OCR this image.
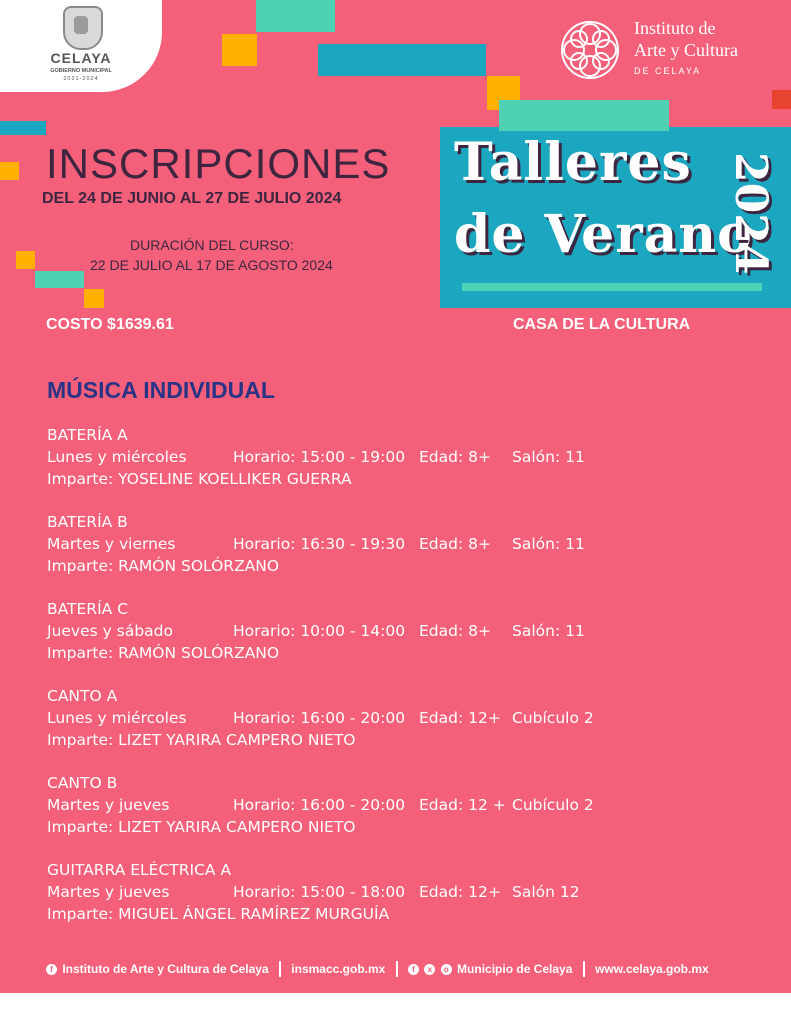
CELAYA
GOBIERNO MUNICIPAL
2021-2024
Instituto de
Arte y Cultura
DE CELAYA
INSCRIPCIONES
DEL 24 DE JUNIO AL 27 DE JULIO 2024
DURACIÓN DEL CURSO:
22 DE JULIO AL 17 DE AGOSTO 2024
Talleres
de Verano
2024
COSTO $1639.61	CASA DE LA CULTURA
MÚSICA INDIVIDUAL
BATERÍA A
Lunes y miércoles	Horario: 15:00 - 19:00 Edad: 8+ Salón: 11
Imparte: YOSELINE KOELLIKER GUERRA
BATERÍA B
Martes y viernes	Horario: 16:30 - 19:30 Edad: 8+ Salón: 11
Imparte: RAMÓN SOLÓRZANO
BATERÍA C
Jueves y sábado	Horario: 10:00 - 14:00 Edad: 8+ Salón: 11
Imparte: RAMÓN SOLÓRZANO
CANTO A
Lunes y miércoles	Horario: 16:00 - 20:00 Edad: 12+ Cubículo 2
Imparte: LIZET YARIRA CAMPERO NIETO
CANTO B
Martes y jueves	Horario: 16:00 - 20:00 Edad: 12 + Cubículo 2
Imparte: LIZET YARIRA CAMPERO NIETO
GUITARRA ELÉCTRICA A
Martes y jueves	Horario: 15:00 - 18:00 Edad: 12+ Salón 12
Imparte: MIGUEL ÁNGEL RAMÍREZ MURGUÍA
f Instituto de Arte y Cultura de Celaya insmacc.gob.mx	f x o Municipio de Celaya www.celaya.gob.mx
